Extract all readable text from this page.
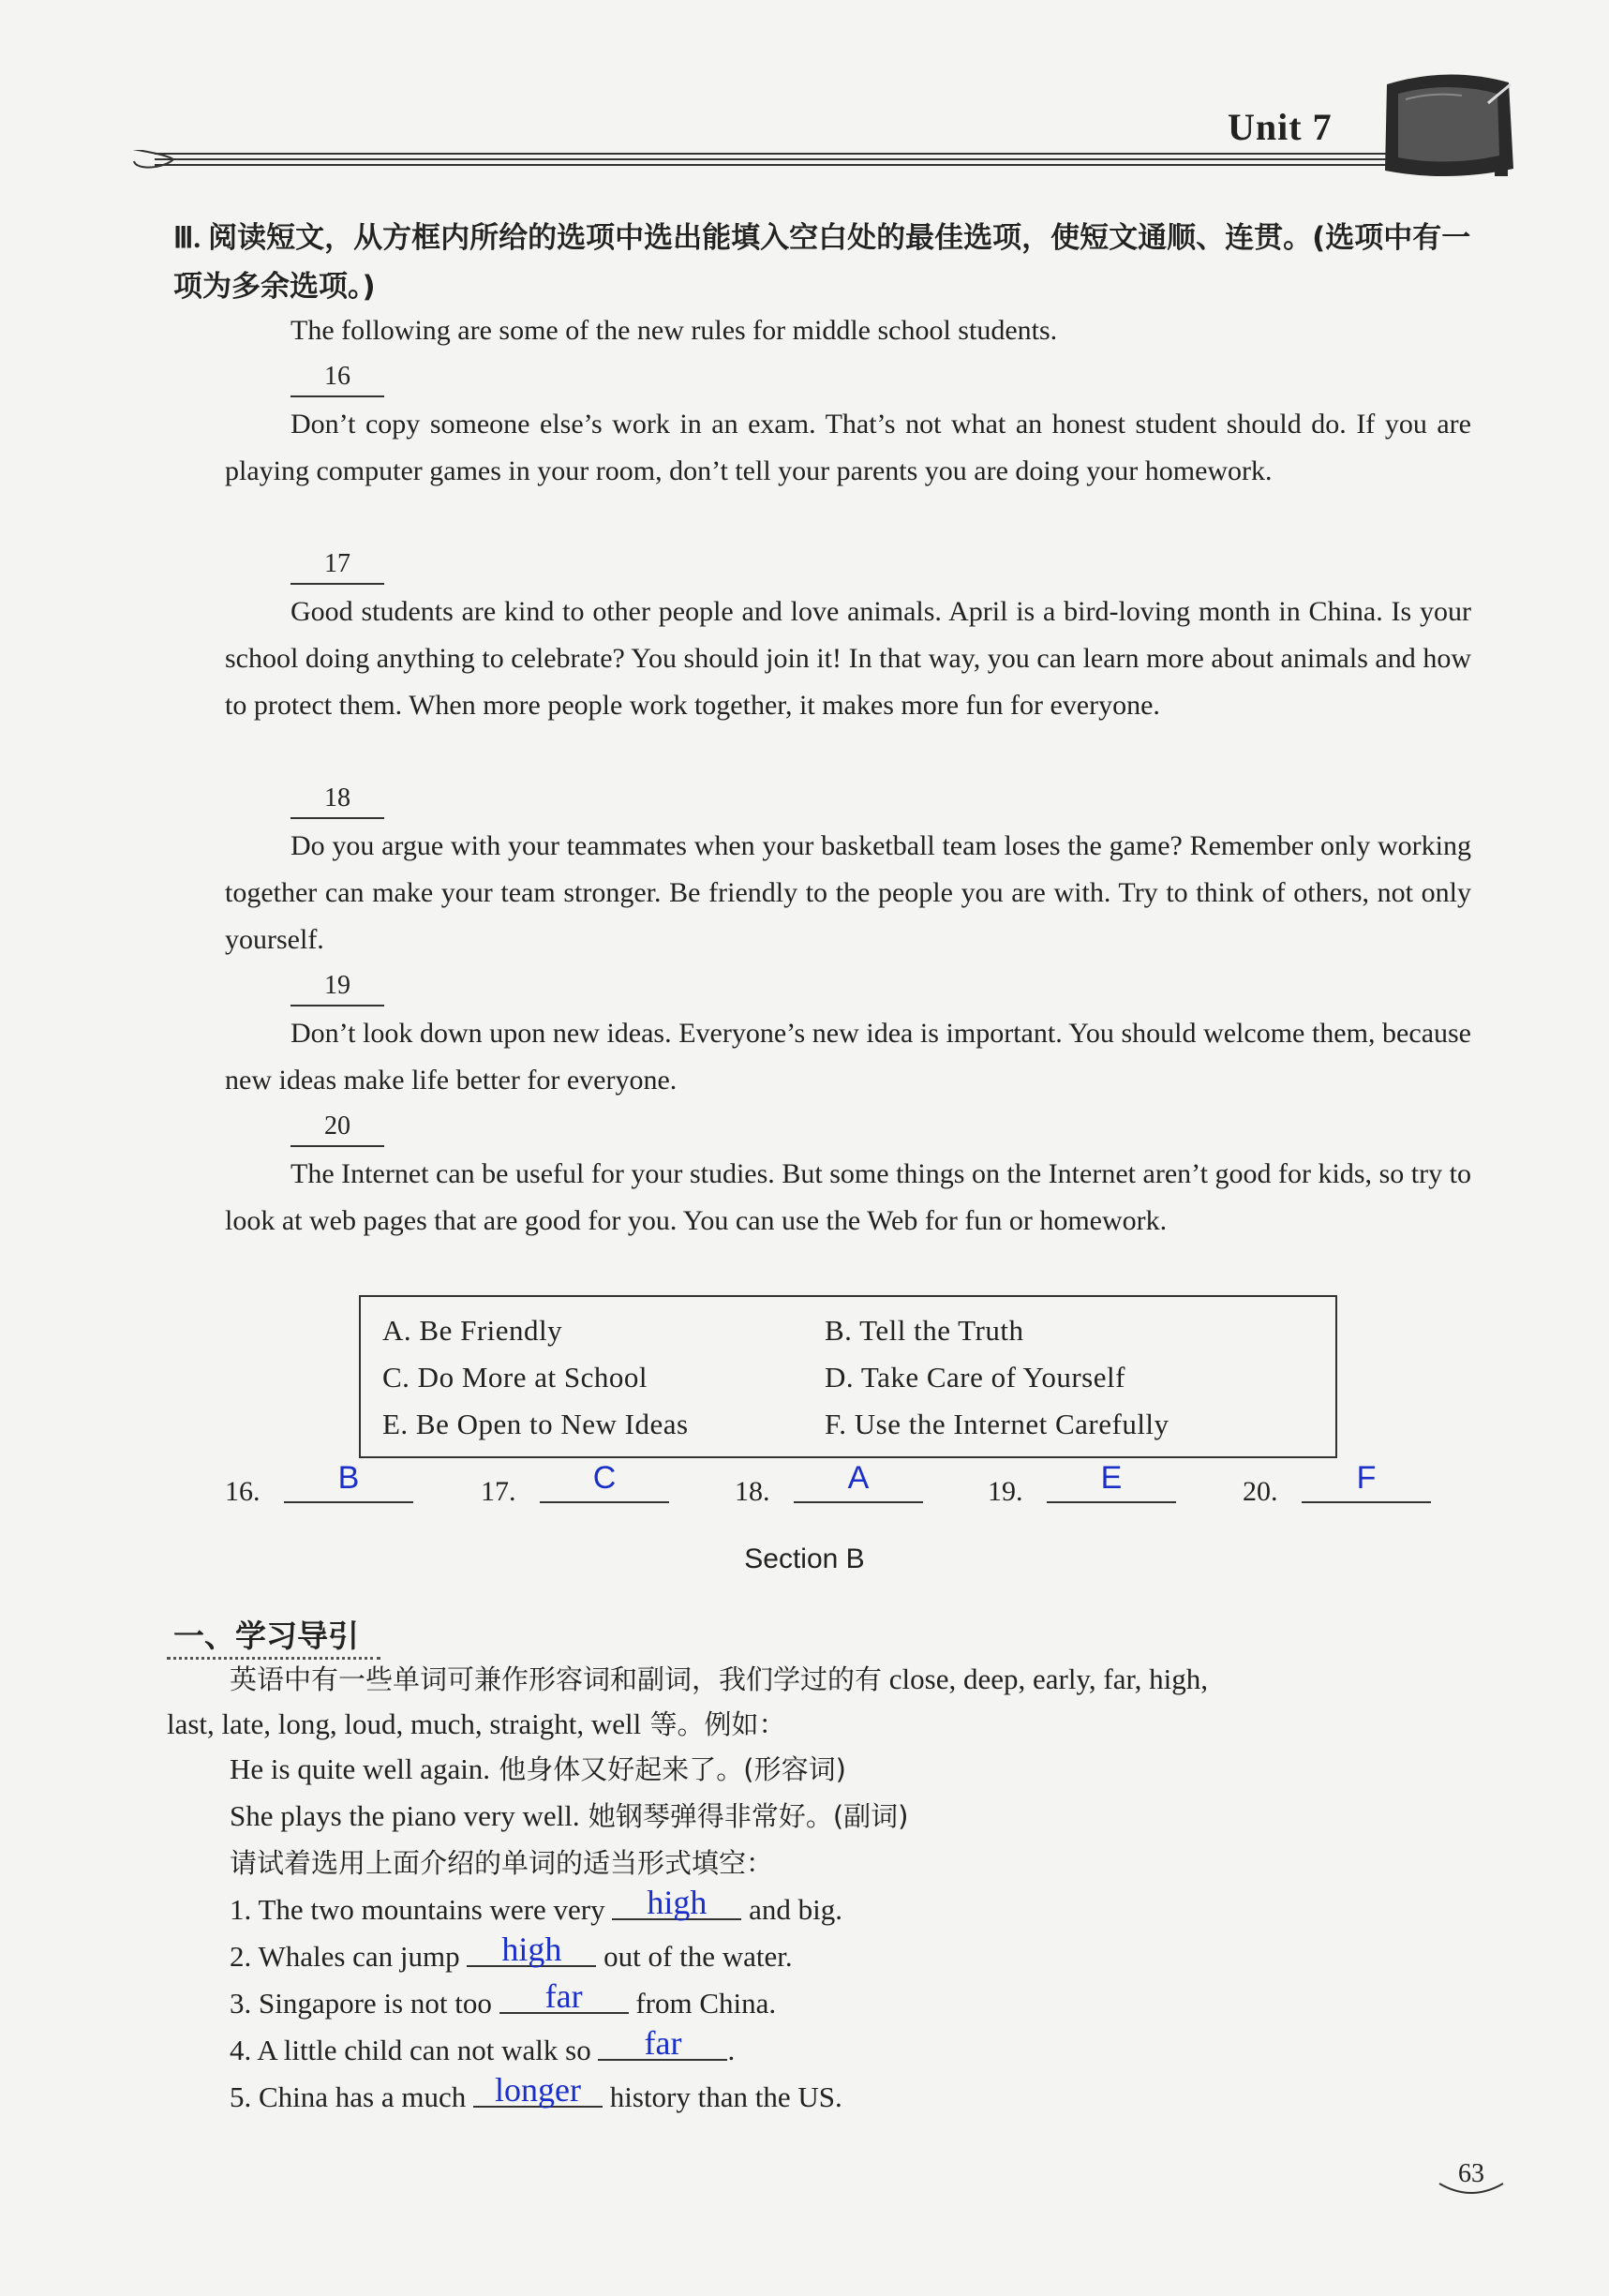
Unit 7
Ⅲ. 阅读短文，从方框内所给的选项中选出能填入空白处的最佳选项，使短文通顺、连贯。(选项中有一项为多余选项。)
The following are some of the new rules for middle school students.
16
Don’t copy someone else’s work in an exam. That’s not what an honest student should do. If you are playing computer games in your room, don’t tell your parents you are doing your homework.
17
Good students are kind to other people and love animals. April is a bird-loving month in China. Is your school doing anything to celebrate? You should join it! In that way, you can learn more about animals and how to protect them. When more people work together, it makes more fun for everyone.
18
Do you argue with your teammates when your basketball team loses the game? Remember only working together can make your team stronger. Be friendly to the people you are with. Try to think of others, not only yourself.
19
Don’t look down upon new ideas. Everyone’s new idea is important. You should welcome them, because new ideas make life better for everyone.
20
The Internet can be useful for your studies. But some things on the Internet aren’t good for kids, so try to look at web pages that are good for you. You can use the Web for fun or homework.
A. Be Friendly	B. Tell the Truth
C. Do More at School	D. Take Care of Yourself
E. Be Open to New Ideas	F. Use the Internet Carefully
16.	B	17.	C	18.	A	19.	E	20.	F
Section B
一、学习导引
英语中有一些单词可兼作形容词和副词，我们学过的有 close, deep, early, far, high,
last, late, long, loud, much, straight, well 等。例如：
He is quite well again. 他身体又好起来了。(形容词)
She plays the piano very well. 她钢琴弹得非常好。(副词)
请试着选用上面介绍的单词的适当形式填空：
1. The two mountains were very high and big.
2. Whales can jump high out of the water.
3. Singapore is not too far from China.
4. A little child can not walk so far .
5. China has a much longer history than the US.
63
